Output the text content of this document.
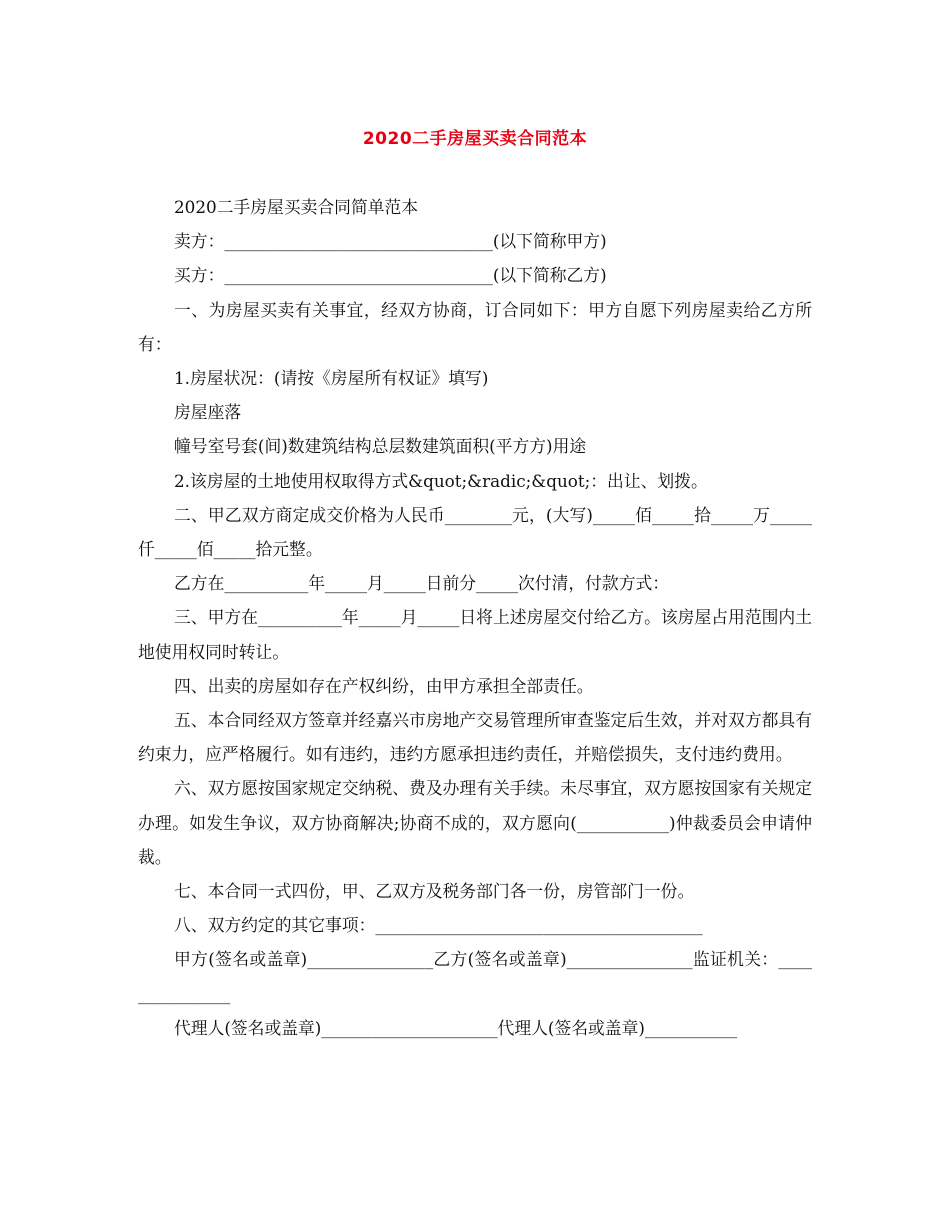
2020二手房屋买卖合同范本

2020二手房屋买卖合同简单范本

卖方：________________________________(以下简称甲方)

买方：________________________________(以下简称乙方)

一、为房屋买卖有关事宜，经双方协商，订合同如下：甲方自愿下列房屋卖给乙方所有：

1.房屋状况：(请按《房屋所有权证》填写)

房屋座落

幢号室号套(间)数建筑结构总层数建筑面积(平方方)用途

2.该房屋的土地使用权取得方式&quot;&radic;&quot;：出让、划拨。

二、甲乙双方商定成交价格为人民币________元，(大写)_____佰_____拾_____万_____仟_____佰_____拾元整。

乙方在__________年_____月_____日前分_____次付清，付款方式：

三、甲方在__________年_____月_____日将上述房屋交付给乙方。该房屋占用范围内土地使用权同时转让。

四、出卖的房屋如存在产权纠纷，由甲方承担全部责任。

五、本合同经双方签章并经嘉兴市房地产交易管理所审查鉴定后生效，并对双方都具有约束力，应严格履行。如有违约，违约方愿承担违约责任，并赔偿损失，支付违约费用。

六、双方愿按国家规定交纳税、费及办理有关手续。未尽事宜，双方愿按国家有关规定办理。如发生争议，双方协商解决;协商不成的，双方愿向(___________)仲裁委员会申请仲裁。

七、本合同一式四份，甲、乙双方及税务部门各一份，房管部门一份。

八、双方约定的其它事项：_______________________________________

甲方(签名或盖章)_______________乙方(签名或盖章)_______________监证机关：_______________

代理人(签名或盖章)_____________________代理人(签名或盖章)___________
